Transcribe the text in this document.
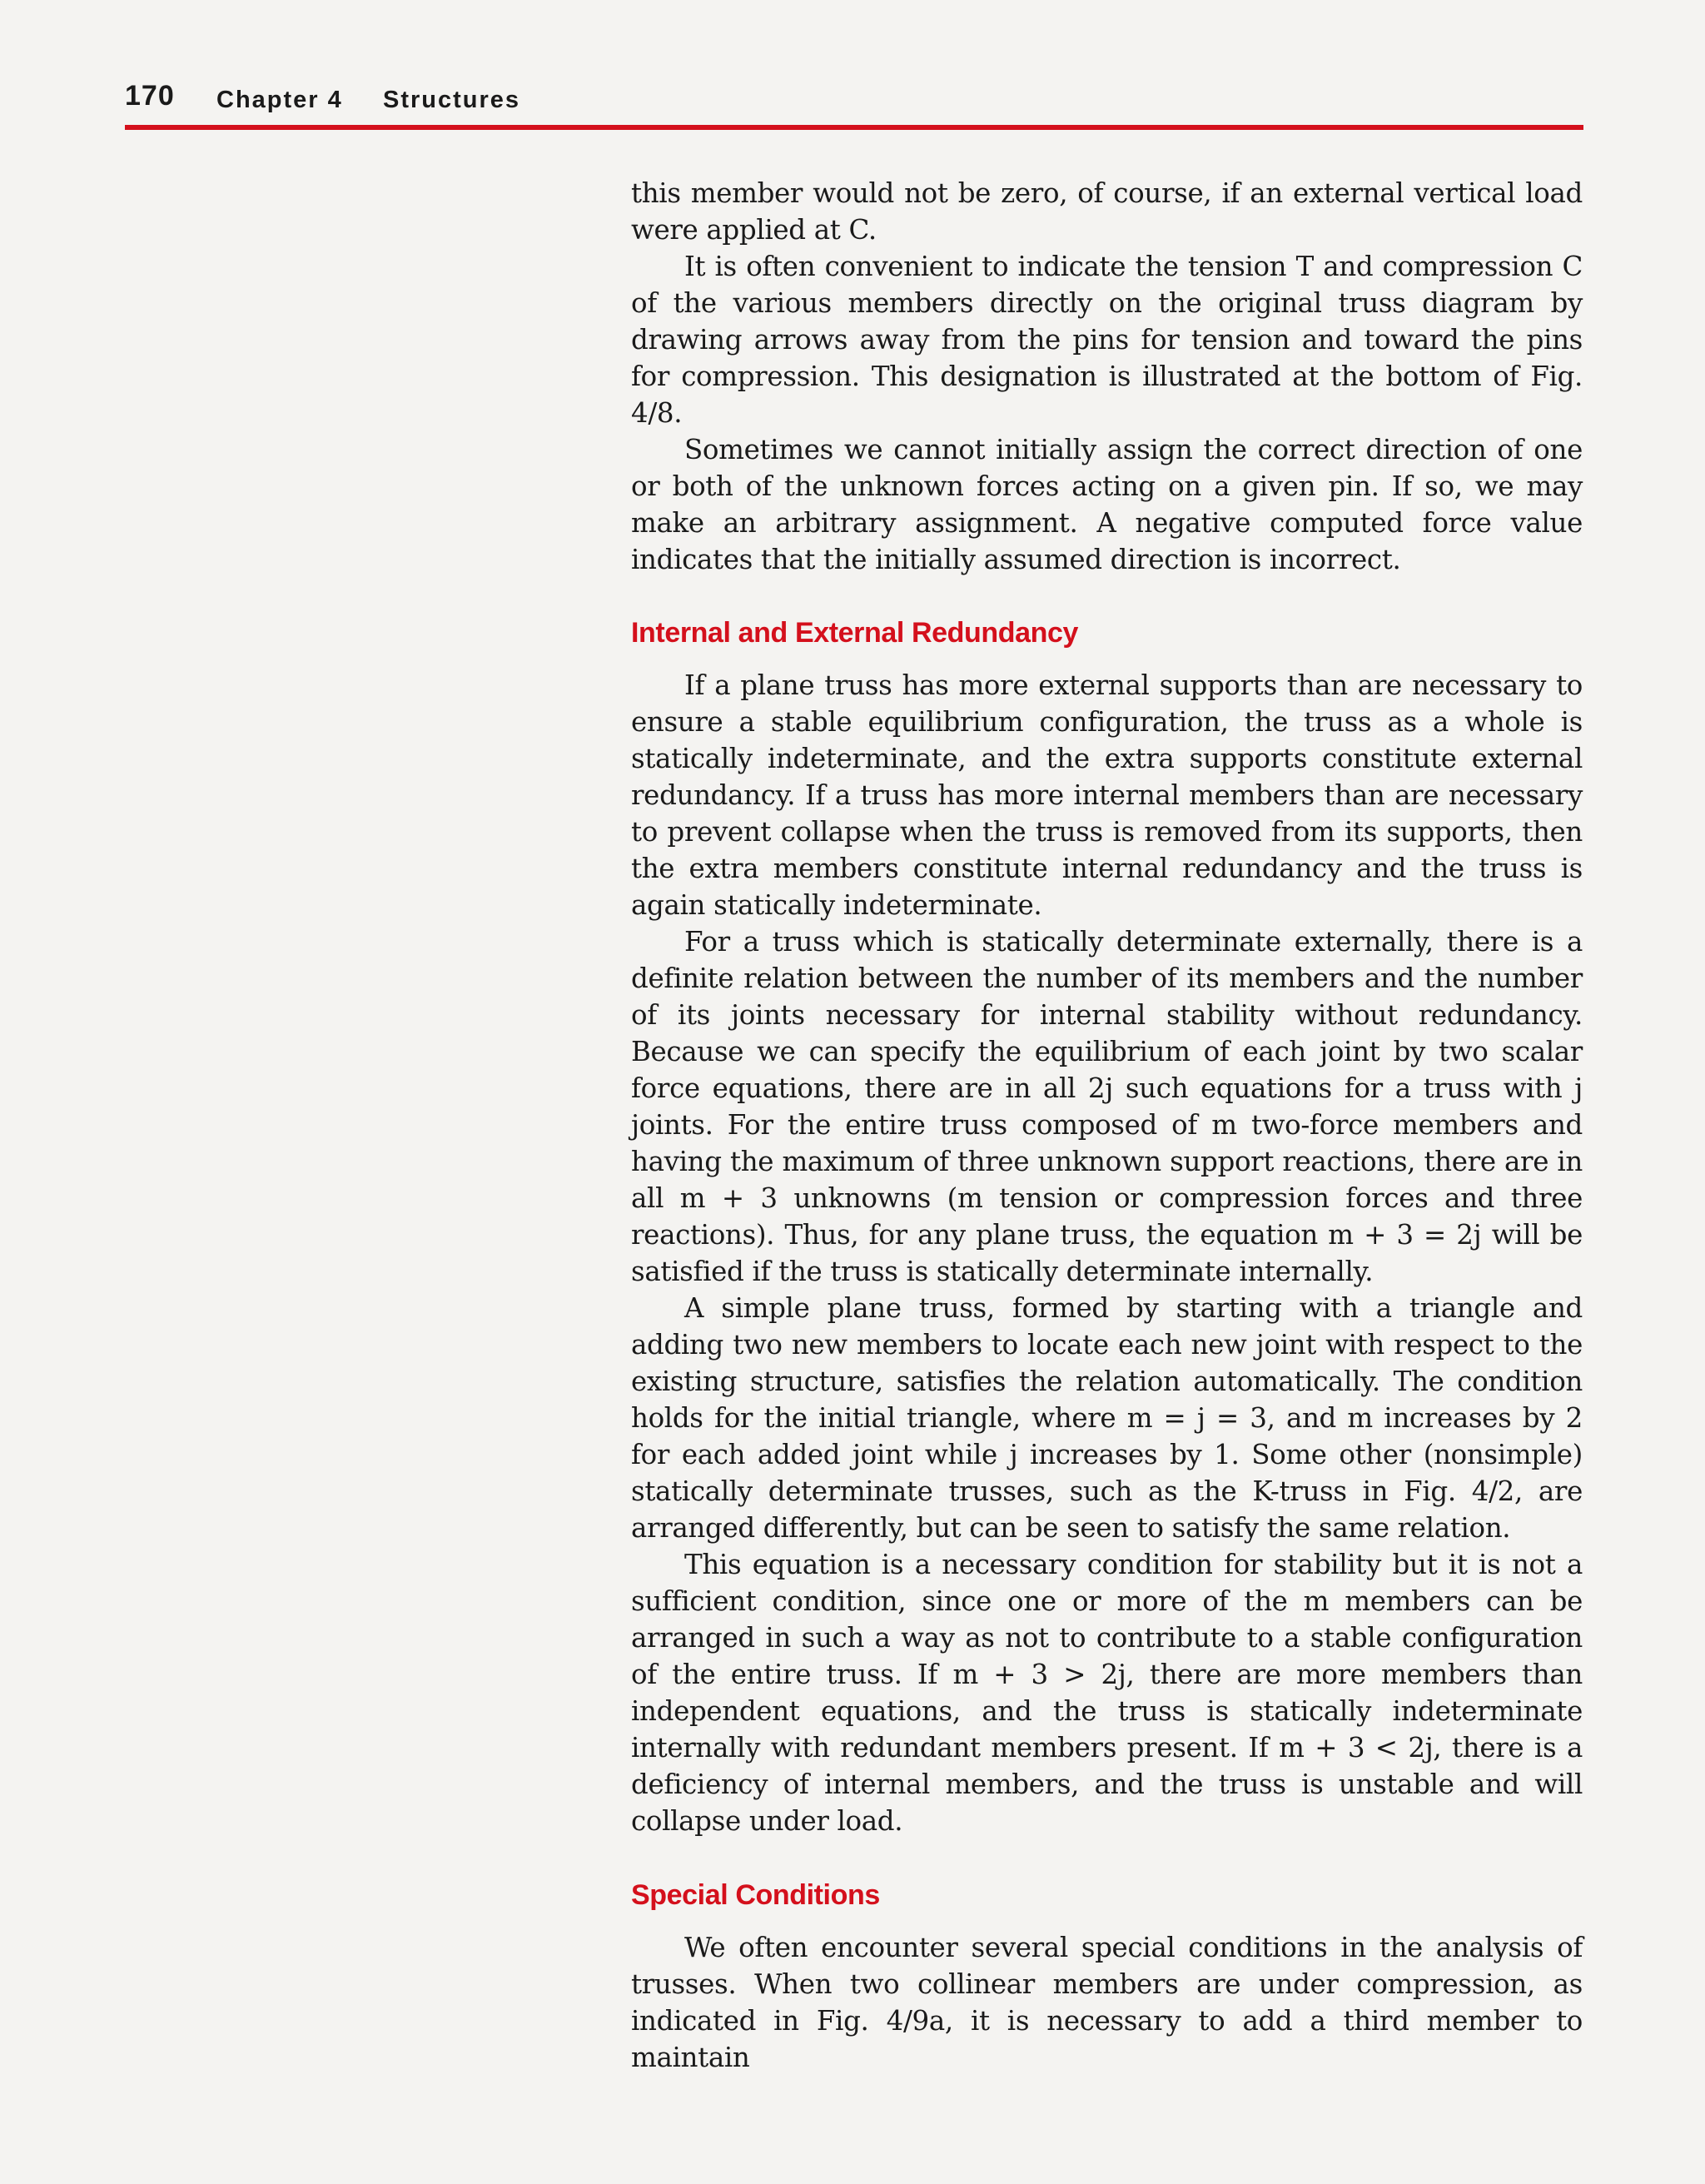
170 Chapter 4 Structures

this member would not be zero, of course, if an external vertical load were applied at C.

It is often convenient to indicate the tension T and compression C of the various members directly on the original truss diagram by drawing arrows away from the pins for tension and toward the pins for compression. This designation is illustrated at the bottom of Fig. 4/8.

Sometimes we cannot initially assign the correct direction of one or both of the unknown forces acting on a given pin. If so, we may make an arbitrary assignment. A negative computed force value indicates that the initially assumed direction is incorrect.

Internal and External Redundancy

If a plane truss has more external supports than are necessary to ensure a stable equilibrium configuration, the truss as a whole is statically indeterminate, and the extra supports constitute external redundancy. If a truss has more internal members than are necessary to prevent collapse when the truss is removed from its supports, then the extra members constitute internal redundancy and the truss is again statically indeterminate.

For a truss which is statically determinate externally, there is a definite relation between the number of its members and the number of its joints necessary for internal stability without redundancy. Because we can specify the equilibrium of each joint by two scalar force equations, there are in all 2j such equations for a truss with j joints. For the entire truss composed of m two-force members and having the maximum of three unknown support reactions, there are in all m + 3 unknowns (m tension or compression forces and three reactions). Thus, for any plane truss, the equation m + 3 = 2j will be satisfied if the truss is statically determinate internally.

A simple plane truss, formed by starting with a triangle and adding two new members to locate each new joint with respect to the existing structure, satisfies the relation automatically. The condition holds for the initial triangle, where m = j = 3, and m increases by 2 for each added joint while j increases by 1. Some other (nonsimple) statically determinate trusses, such as the K-truss in Fig. 4/2, are arranged differently, but can be seen to satisfy the same relation.

This equation is a necessary condition for stability but it is not a sufficient condition, since one or more of the m members can be arranged in such a way as not to contribute to a stable configuration of the entire truss. If m + 3 > 2j, there are more members than independent equations, and the truss is statically indeterminate internally with redundant members present. If m + 3 < 2j, there is a deficiency of internal members, and the truss is unstable and will collapse under load.

Special Conditions

We often encounter several special conditions in the analysis of trusses. When two collinear members are under compression, as indicated in Fig. 4/9a, it is necessary to add a third member to maintain
